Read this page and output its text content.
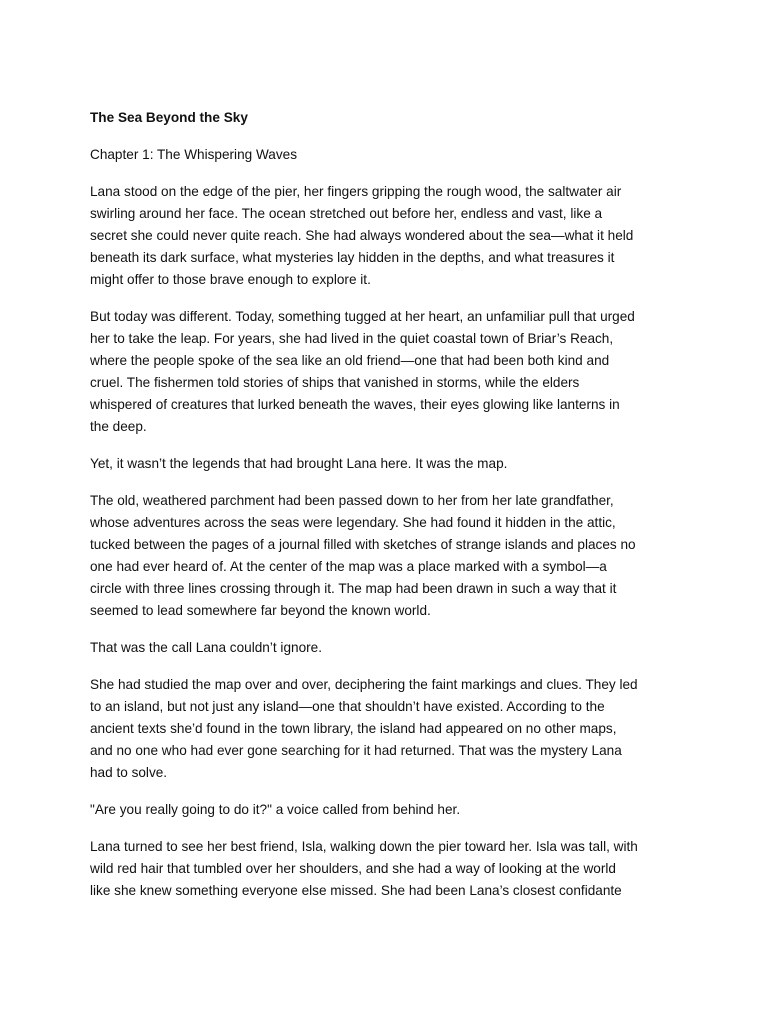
The Sea Beyond the Sky
Chapter 1: The Whispering Waves
Lana stood on the edge of the pier, her fingers gripping the rough wood, the saltwater air
swirling around her face. The ocean stretched out before her, endless and vast, like a
secret she could never quite reach. She had always wondered about the sea—what it held
beneath its dark surface, what mysteries lay hidden in the depths, and what treasures it
might offer to those brave enough to explore it.
But today was different. Today, something tugged at her heart, an unfamiliar pull that urged
her to take the leap. For years, she had lived in the quiet coastal town of Briar’s Reach,
where the people spoke of the sea like an old friend—one that had been both kind and
cruel. The fishermen told stories of ships that vanished in storms, while the elders
whispered of creatures that lurked beneath the waves, their eyes glowing like lanterns in
the deep.
Yet, it wasn’t the legends that had brought Lana here. It was the map.
The old, weathered parchment had been passed down to her from her late grandfather,
whose adventures across the seas were legendary. She had found it hidden in the attic,
tucked between the pages of a journal filled with sketches of strange islands and places no
one had ever heard of. At the center of the map was a place marked with a symbol—a
circle with three lines crossing through it. The map had been drawn in such a way that it
seemed to lead somewhere far beyond the known world.
That was the call Lana couldn’t ignore.
She had studied the map over and over, deciphering the faint markings and clues. They led
to an island, but not just any island—one that shouldn’t have existed. According to the
ancient texts she’d found in the town library, the island had appeared on no other maps,
and no one who had ever gone searching for it had returned. That was the mystery Lana
had to solve.
"Are you really going to do it?" a voice called from behind her.
Lana turned to see her best friend, Isla, walking down the pier toward her. Isla was tall, with
wild red hair that tumbled over her shoulders, and she had a way of looking at the world
like she knew something everyone else missed. She had been Lana’s closest confidante
